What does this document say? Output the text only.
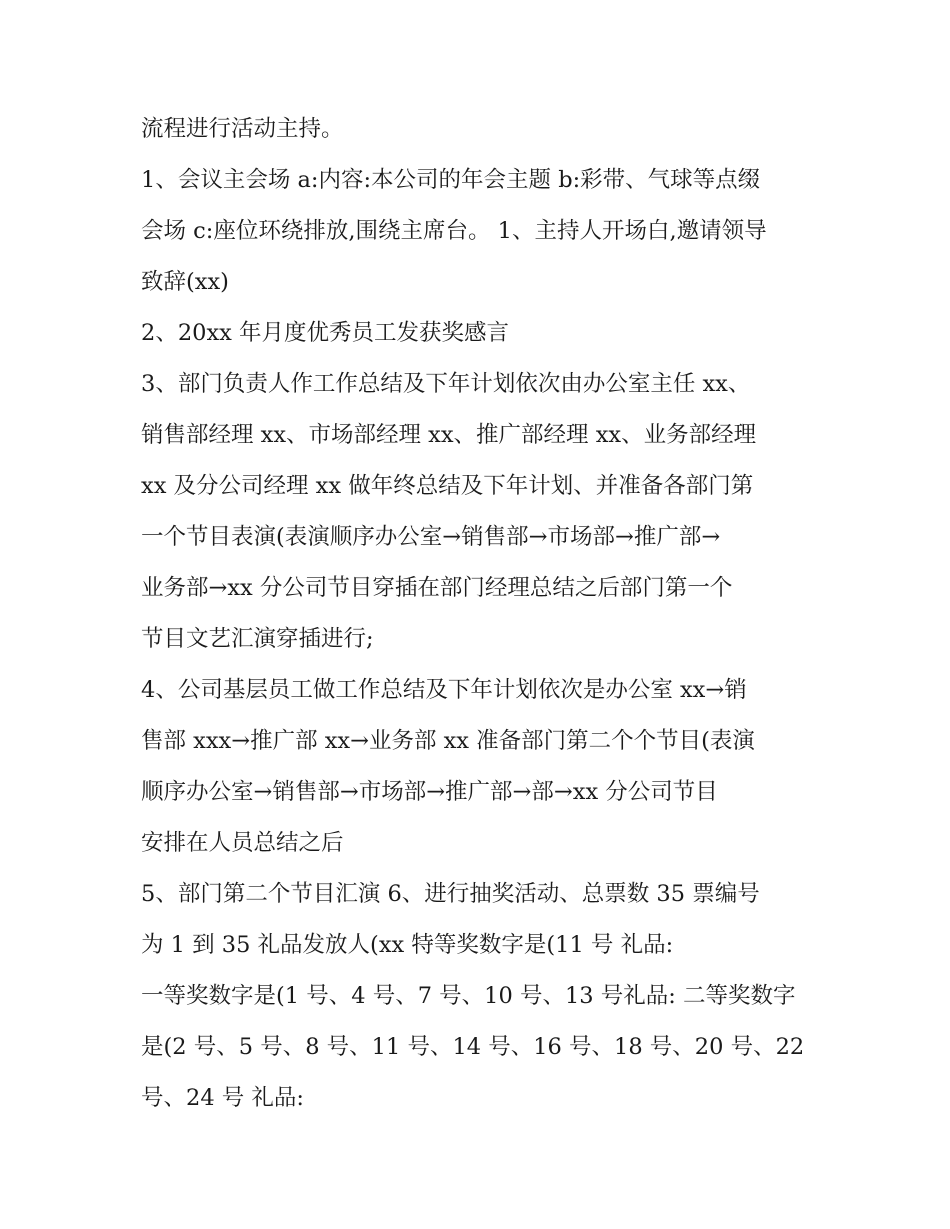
流程进行活动主持。

1、会议主会场 a:内容:本公司的年会主题 b:彩带、气球等点缀
会场 c:座位环绕排放,围绕主席台。 1、主持人开场白,邀请领导
致辞(xx)

2、20xx 年月度优秀员工发获奖感言

3、部门负责人作工作总结及下年计划依次由办公室主任 xx、
销售部经理 xx、市场部经理 xx、推广部经理 xx、业务部经理
xx 及分公司经理 xx 做年终总结及下年计划、并准备各部门第
一个节目表演(表演顺序办公室→销售部→市场部→推广部→
业务部→xx 分公司节目穿插在部门经理总结之后部门第一个
节目文艺汇演穿插进行;

4、公司基层员工做工作总结及下年计划依次是办公室 xx→销
售部 xxx→推广部 xx→业务部 xx 准备部门第二个个节目(表演
顺序办公室→销售部→市场部→推广部→部→xx 分公司节目
安排在人员总结之后

5、部门第二个节目汇演 6、进行抽奖活动、总票数 35 票编号
为 1 到 35 礼品发放人(xx 特等奖数字是(11 号 礼品:

一等奖数字是(1 号、4 号、7 号、10 号、13 号礼品: 二等奖数字
是(2 号、5 号、8 号、11 号、14 号、16 号、18 号、20 号、22
号、24 号 礼品:
